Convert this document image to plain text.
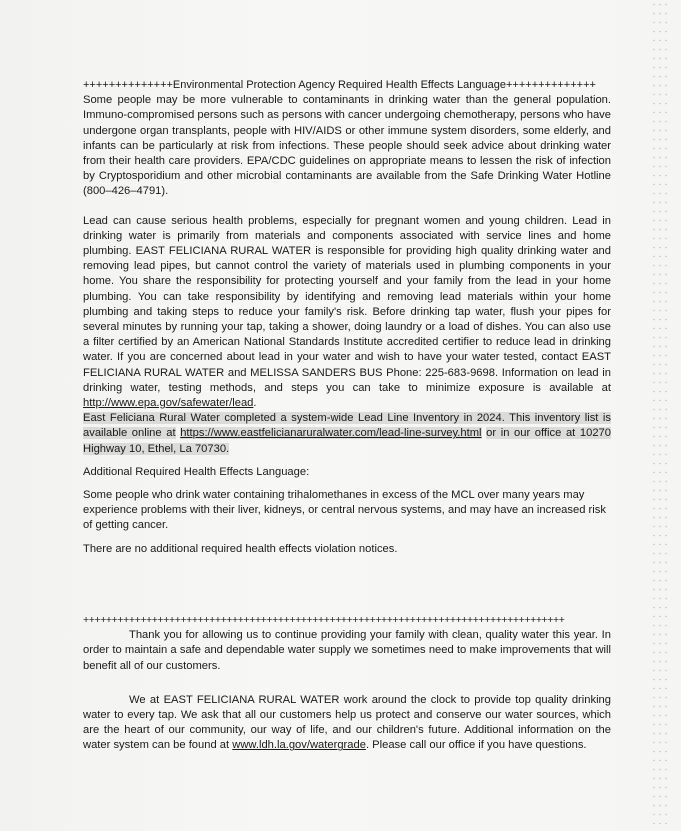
++++++++++++++Environmental Protection Agency Required Health Effects Language++++++++++++++

Some people may be more vulnerable to contaminants in drinking water than the general population. Immuno-compromised persons such as persons with cancer undergoing chemotherapy, persons who have undergone organ transplants, people with HIV/AIDS or other immune system disorders, some elderly, and infants can be particularly at risk from infections. These people should seek advice about drinking water from their health care providers. EPA/CDC guidelines on appropriate means to lessen the risk of infection by Cryptosporidium and other microbial contaminants are available from the Safe Drinking Water Hotline (800–426–4791).

Lead can cause serious health problems, especially for pregnant women and young children. Lead in drinking water is primarily from materials and components associated with service lines and home plumbing. EAST FELICIANA RURAL WATER is responsible for providing high quality drinking water and removing lead pipes, but cannot control the variety of materials used in plumbing components in your home. You share the responsibility for protecting yourself and your family from the lead in your home plumbing. You can take responsibility by identifying and removing lead materials within your home plumbing and taking steps to reduce your family's risk. Before drinking tap water, flush your pipes for several minutes by running your tap, taking a shower, doing laundry or a load of dishes. You can also use a filter certified by an American National Standards Institute accredited certifier to reduce lead in drinking water. If you are concerned about lead in your water and wish to have your water tested, contact EAST FELICIANA RURAL WATER and MELISSA SANDERS BUS Phone: 225-683-9698. Information on lead in drinking water, testing methods, and steps you can take to minimize exposure is available at http://www.epa.gov/safewater/lead.

East Feliciana Rural Water completed a system-wide Lead Line Inventory in 2024. This inventory list is available online at https://www.eastfelicianaruralwater.com/lead-line-survey.html or in our office at 10270 Highway 10, Ethel, La 70730.

Additional Required Health Effects Language:

Some people who drink water containing trihalomethanes in excess of the MCL over many years may experience problems with their liver, kidneys, or central nervous systems, and may have an increased risk of getting cancer.

There are no additional required health effects violation notices.

++++++++++++++++++++++++++++++++++++++++++++++++++++++++++++++++++++++++++++++++++++

Thank you for allowing us to continue providing your family with clean, quality water this year. In order to maintain a safe and dependable water supply we sometimes need to make improvements that will benefit all of our customers.

We at EAST FELICIANA RURAL WATER work around the clock to provide top quality drinking water to every tap. We ask that all our customers help us protect and conserve our water sources, which are the heart of our community, our way of life, and our children's future. Additional information on the water system can be found at www.ldh.la.gov/watergrade. Please call our office if you have questions.
